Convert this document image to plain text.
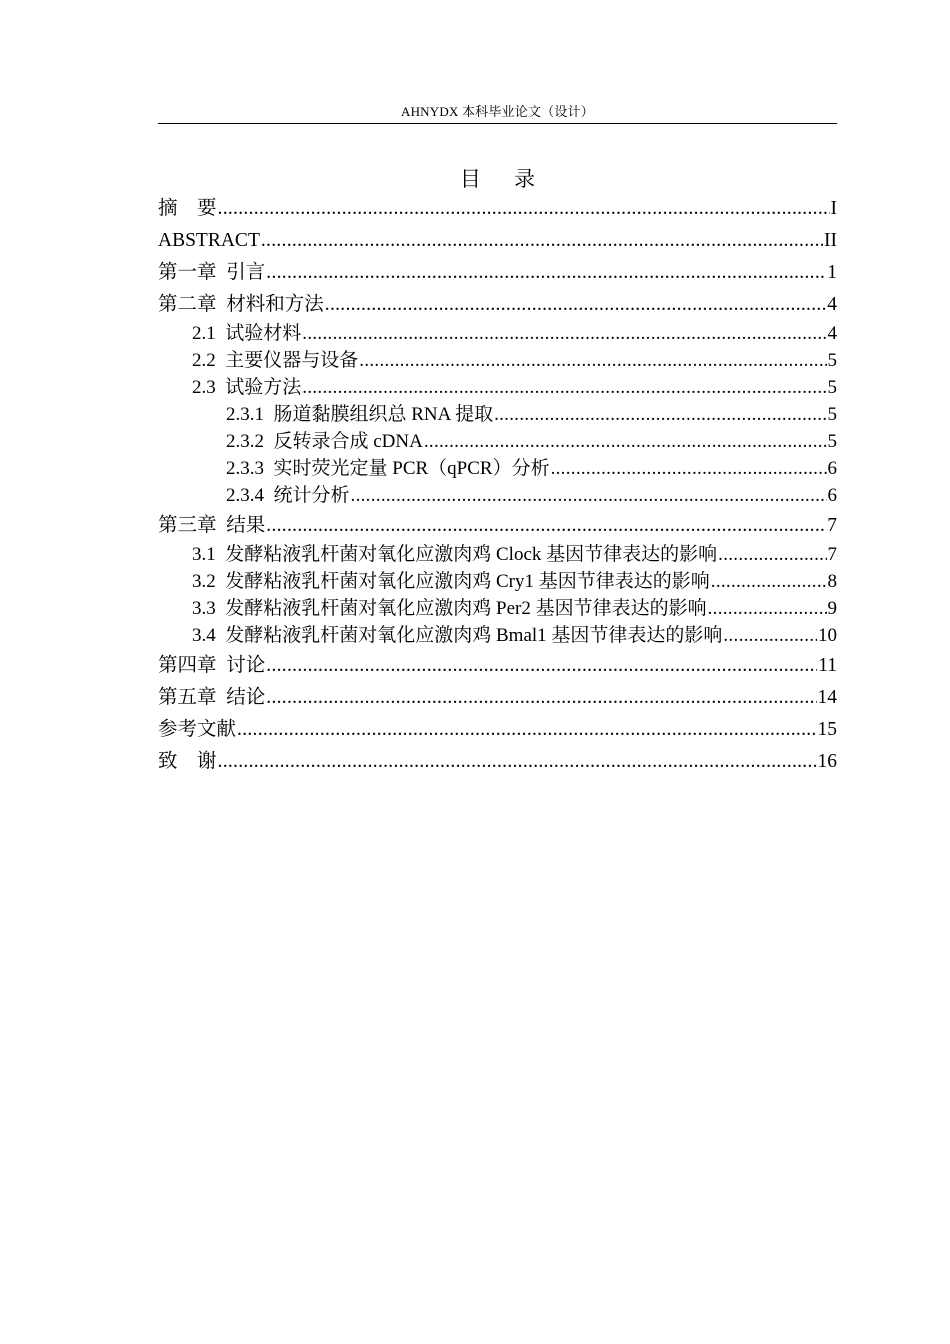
AHNYDX 本科毕业论文（设计）
目 录
摘    要 .....	I
ABSTRACT .....	II
第一章  引言 .....	1
第二章  材料和方法 .....	4
2.1  试验材料 .....	4
2.2  主要仪器与设备 .....	5
2.3  试验方法 .....	5
2.3.1  肠道黏膜组织总 RNA 提取 .....	5
2.3.2  反转录合成 cDNA .....	5
2.3.3  实时荧光定量 PCR（qPCR）分析 .....	6
2.3.4  统计分析 .....	6
第三章  结果 .....	7
3.1  发酵粘液乳杆菌对氧化应激肉鸡 Clock 基因节律表达的影响 .....	7
3.2  发酵粘液乳杆菌对氧化应激肉鸡 Cry1 基因节律表达的影响 .....	8
3.3  发酵粘液乳杆菌对氧化应激肉鸡 Per2 基因节律表达的影响 .....	9
3.4  发酵粘液乳杆菌对氧化应激肉鸡 Bmal1 基因节律表达的影响 .....	10
第四章  讨论 .....	11
第五章  结论 .....	14
参考文献 .....	15
致    谢 .....	16
